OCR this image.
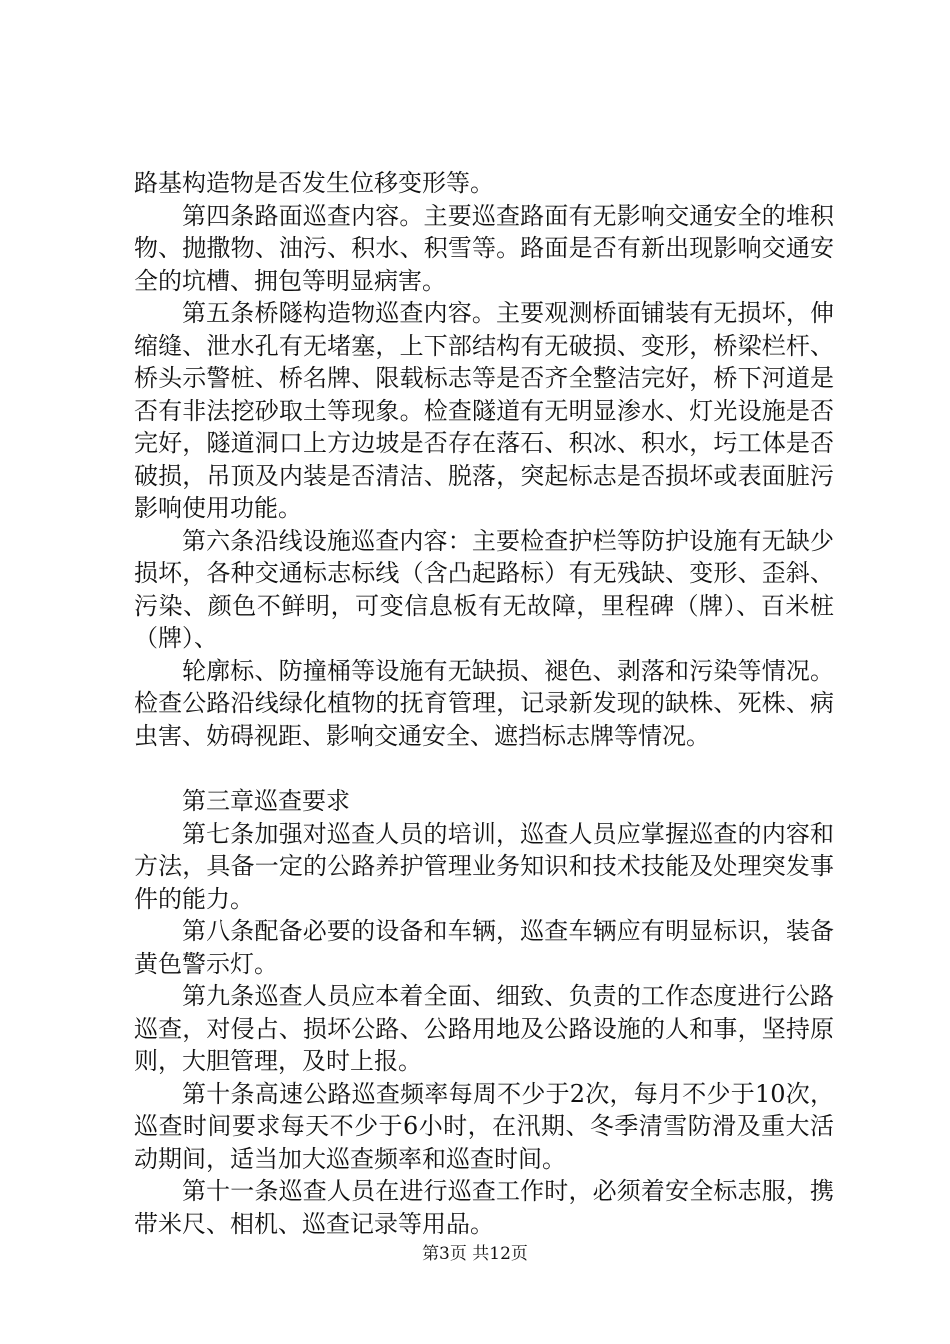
路基构造物是否发生位移变形等。

第四条路面巡查内容。主要巡查路面有无影响交通安全的堆积物、抛撒物、油污、积水、积雪等。路面是否有新出现影响交通安全的坑槽、拥包等明显病害。

第五条桥隧构造物巡查内容。主要观测桥面铺装有无损坏，伸缩缝、泄水孔有无堵塞，上下部结构有无破损、变形，桥梁栏杆、桥头示警桩、桥名牌、限载标志等是否齐全整洁完好，桥下河道是否有非法挖砂取土等现象。检查隧道有无明显渗水、灯光设施是否完好，隧道洞口上方边坡是否存在落石、积冰、积水，圬工体是否破损，吊顶及内装是否清洁、脱落，突起标志是否损坏或表面脏污影响使用功能。

第六条沿线设施巡查内容：主要检查护栏等防护设施有无缺少损坏，各种交通标志标线（含凸起路标）有无残缺、变形、歪斜、污染、颜色不鲜明，可变信息板有无故障，里程碑（牌）、百米桩（牌）、

轮廓标、防撞桶等设施有无缺损、褪色、剥落和污染等情况。检查公路沿线绿化植物的抚育管理，记录新发现的缺株、死株、病虫害、妨碍视距、影响交通安全、遮挡标志牌等情况。

第三章巡查要求

第七条加强对巡查人员的培训，巡查人员应掌握巡查的内容和方法，具备一定的公路养护管理业务知识和技术技能及处理突发事件的能力。

第八条配备必要的设备和车辆，巡查车辆应有明显标识，装备黄色警示灯。

第九条巡查人员应本着全面、细致、负责的工作态度进行公路巡查，对侵占、损坏公路、公路用地及公路设施的人和事，坚持原则，大胆管理，及时上报。

第十条高速公路巡查频率每周不少于2次，每月不少于10次，巡查时间要求每天不少于6小时，在汛期、冬季清雪防滑及重大活动期间，适当加大巡查频率和巡查时间。

第十一条巡查人员在进行巡查工作时，必须着安全标志服，携带米尺、相机、巡查记录等用品。

第3页 共12页
